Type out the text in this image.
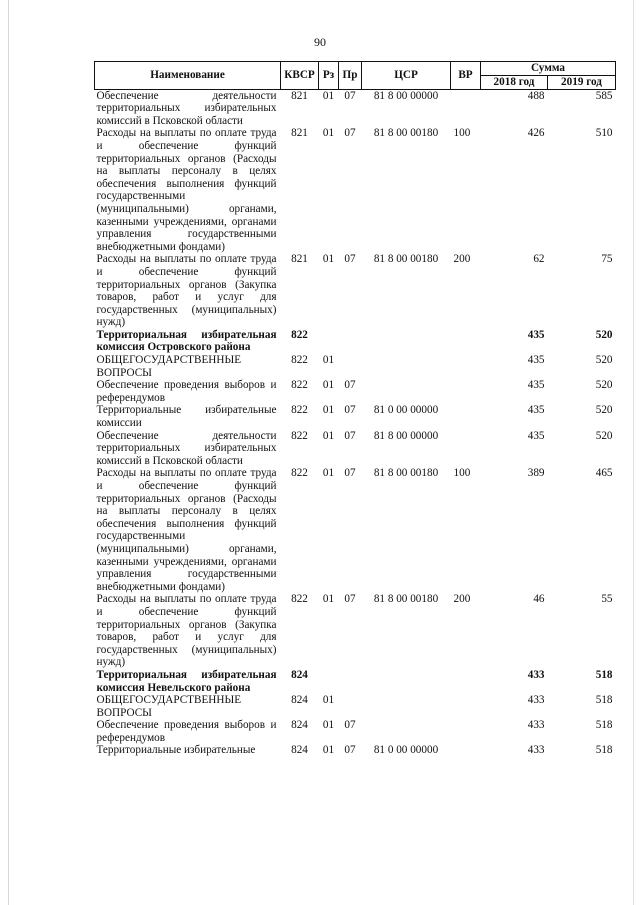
90
Наименование	КВСР	Рз	Пр	ЦСР	ВР	Сумма	
						2018 год	2019 год
Обеспечение деятельности территориальных избирательных комиссий в Псковской области	821	01	07	81 8 00 00000		488	585
Расходы на выплаты по оплате труда и обеспечение функций территориальных органов (Расходы на выплаты персоналу в целях обеспечения выполнения функций государственными (муниципальными) органами, казенными учреждениями, органами управления государственными внебюджетными фондами)	821	01	07	81 8 00 00180	100	426	510
Расходы на выплаты по оплате труда и обеспечение функций территориальных органов (Закупка товаров, работ и услуг для государственных (муниципальных) нужд)	821	01	07	81 8 00 00180	200	62	75
Территориальная избирательная комиссия Островского района	822					435	520
ОБЩЕГОСУДАРСТВЕННЫЕ ВОПРОСЫ	822	01				435	520
Обеспечение проведения выборов и референдумов	822	01	07			435	520
Территориальные избирательные комиссии	822	01	07	81 0 00 00000		435	520
Обеспечение деятельности территориальных избирательных комиссий в Псковской области	822	01	07	81 8 00 00000		435	520
Расходы на выплаты по оплате труда и обеспечение функций территориальных органов (Расходы на выплаты персоналу в целях обеспечения выполнения функций государственными (муниципальными) органами, казенными учреждениями, органами управления государственными внебюджетными фондами)	822	01	07	81 8 00 00180	100	389	465
Расходы на выплаты по оплате труда и обеспечение функций территориальных органов (Закупка товаров, работ и услуг для государственных (муниципальных) нужд)	822	01	07	81 8 00 00180	200	46	55
Территориальная избирательная комиссия Невельского района	824					433	518
ОБЩЕГОСУДАРСТВЕННЫЕ ВОПРОСЫ	824	01				433	518
Обеспечение проведения выборов и референдумов	824	01	07			433	518
Территориальные избирательные	824	01	07	81 0 00 00000		433	518
